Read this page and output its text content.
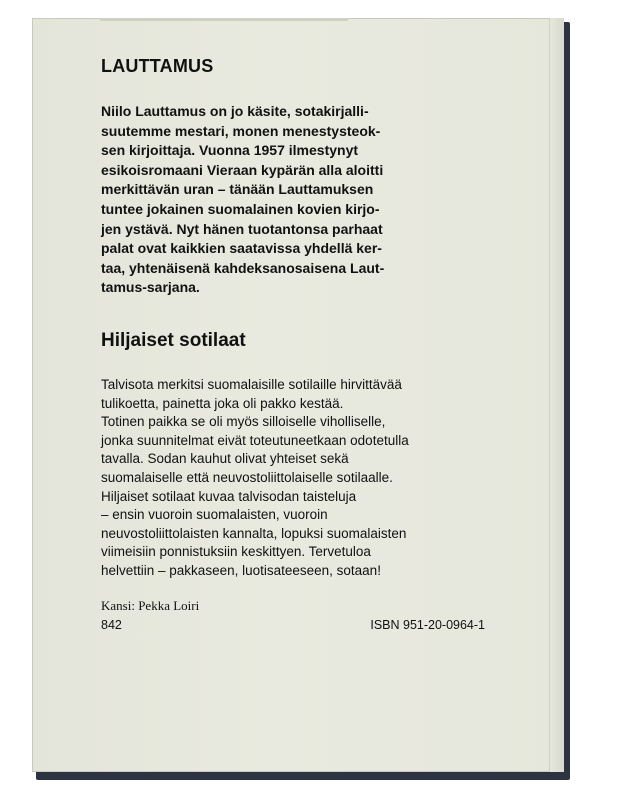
LAUTTAMUS

Niilo Lauttamus on jo käsite, sotakirjalli-
suutemme mestari, monen menestysteok-
sen kirjoittaja. Vuonna 1957 ilmestynyt
esikoisromaani Vieraan kypärän alla aloitti
merkittävän uran – tänään Lauttamuksen
tuntee jokainen suomalainen kovien kirjo-
jen ystävä. Nyt hänen tuotantonsa parhaat
palat ovat kaikkien saatavissa yhdellä ker-
taa, yhtenäisenä kahdeksanosaisena Laut-
tamus-sarjana.

Hiljaiset sotilaat

Talvisota merkitsi suomalaisille sotilaille hirvittävää
tulikoetta, painetta joka oli pakko kestää.
Totinen paikka se oli myös silloiselle viholliselle,
jonka suunnitelmat eivät toteutuneetkaan odotetulla
tavalla. Sodan kauhut olivat yhteiset sekä
suomalaiselle että neuvostoliittolaiselle sotilaalle.
Hiljaiset sotilaat kuvaa talvisodan taisteluja
– ensin vuoroin suomalaisten, vuoroin
neuvostoliittolaisten kannalta, lopuksi suomalaisten
viimeisiin ponnistuksiin keskittyen. Tervetuloa
helvettiin – pakkaseen, luotisateeseen, sotaan!

Kansi: Pekka Loiri

842	ISBN 951-20-0964-1
